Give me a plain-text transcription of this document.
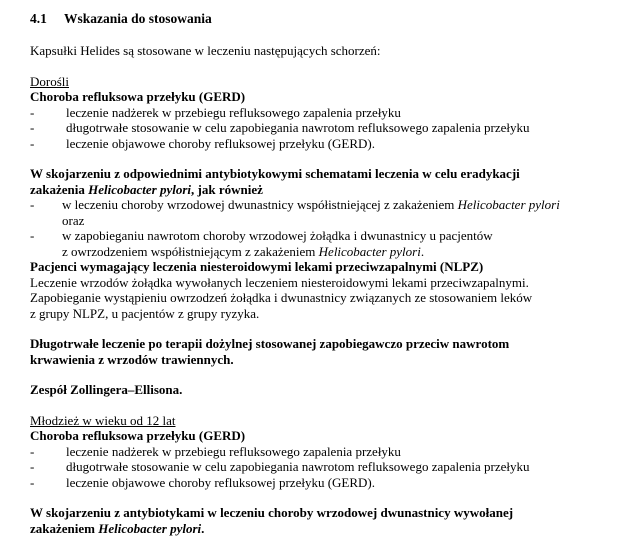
4.1 Wskazania do stosowania
Kapsułki Helides są stosowane w leczeniu następujących schorzeń:
Dorośli
Choroba refluksowa przełyku (GERD)
-	leczenie nadżerek w przebiegu refluksowego zapalenia przełyku
-	długotrwałe stosowanie w celu zapobiegania nawrotom refluksowego zapalenia przełyku
-	leczenie objawowe choroby refluksowej przełyku (GERD).
W skojarzeniu z odpowiednimi antybiotykowymi schematami leczenia w celu eradykacji
zakażenia Helicobacter pylori, jak również
-	w leczeniu choroby wrzodowej dwunastnicy współistniejącej z zakażeniem Helicobacter pylori
oraz
-	w zapobieganiu nawrotom choroby wrzodowej żołądka i dwunastnicy u pacjentów
z owrzodzeniem współistniejącym z zakażeniem Helicobacter pylori.
Pacjenci wymagający leczenia niesteroidowymi lekami przeciwzapalnymi (NLPZ)
Leczenie wrzodów żołądka wywołanych leczeniem niesteroidowymi lekami przeciwzapalnymi.
Zapobieganie wystąpieniu owrzodzeń żołądka i dwunastnicy związanych ze stosowaniem leków
z grupy NLPZ, u pacjentów z grupy ryzyka.
Długotrwałe leczenie po terapii dożylnej stosowanej zapobiegawczo przeciw nawrotom
krwawienia z wrzodów trawiennych.
Zespół Zollingera–Ellisona.
Młodzież w wieku od 12 lat
Choroba refluksowa przełyku (GERD)
-	leczenie nadżerek w przebiegu refluksowego zapalenia przełyku
-	długotrwałe stosowanie w celu zapobiegania nawrotom refluksowego zapalenia przełyku
-	leczenie objawowe choroby refluksowej przełyku (GERD).
W skojarzeniu z antybiotykami w leczeniu choroby wrzodowej dwunastnicy wywołanej
zakażeniem Helicobacter pylori.
